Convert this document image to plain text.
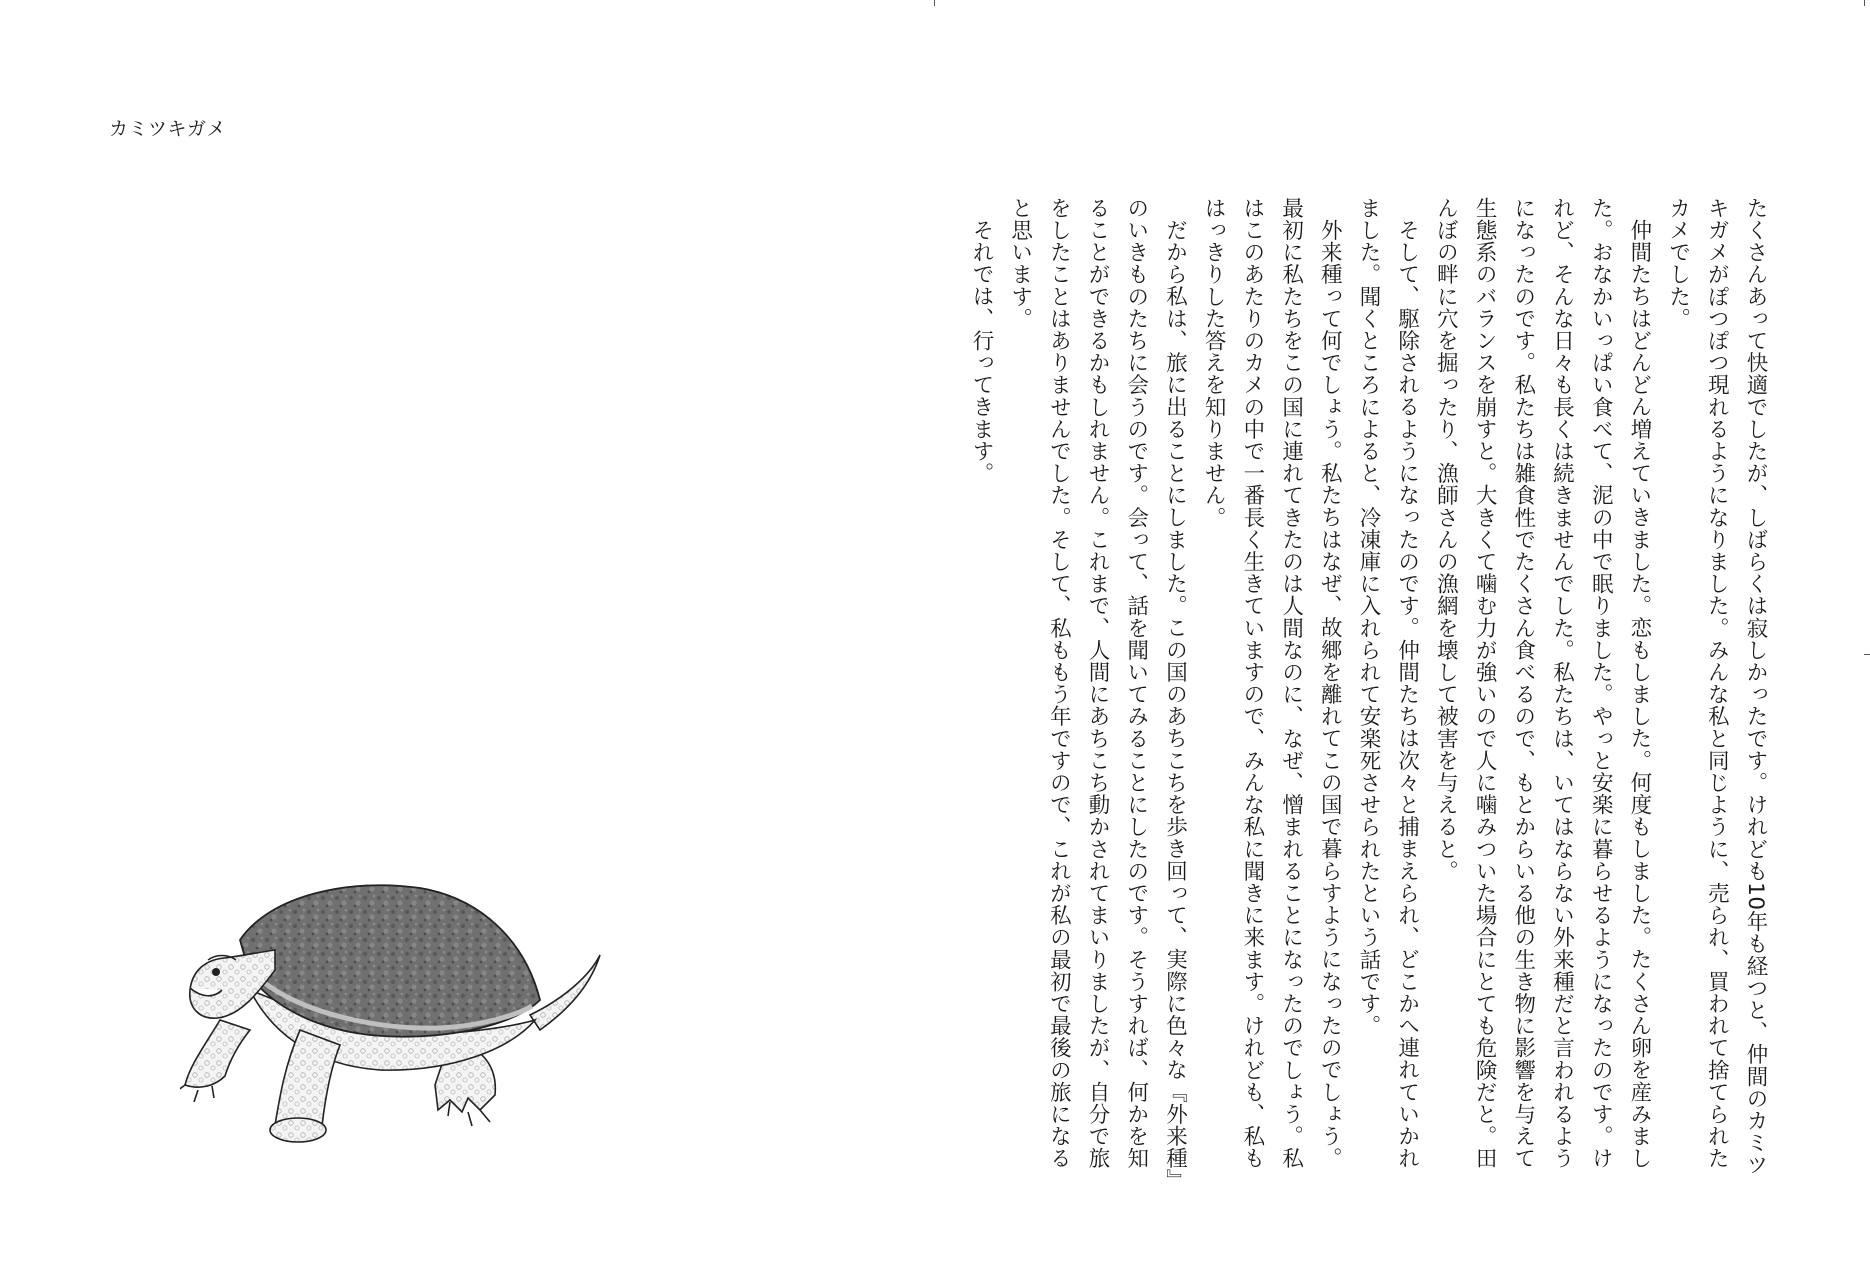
カミツキガメ

たくさんあって快適でしたが、しばらくは寂しかったです。けれども10年も経つと、仲間のカミツキガメがぽつぽつ現れるようになりました。みんな私と同じように、売られ、買われて捨てられたカメでした。

仲間たちはどんどん増えていきました。恋もしました。何度もしました。たくさん卵を産みました。おなかいっぱい食べて、泥の中で眠りました。やっと安楽に暮らせるようになったのです。けれど、そんな日々も長くは続きませんでした。私たちは、いてはならない外来種だと言われるようになったのです。私たちは雑食性でたくさん食べるので、もとからいる他の生き物に影響を与えて生態系のバランスを崩すと。大きくて噛む力が強いので人に噛みついた場合にとても危険だと。田んぼの畔に穴を掘ったり、漁師さんの漁網を壊して被害を与えると。

そして、駆除されるようになったのです。仲間たちは次々と捕まえられ、どこかへ連れていかれました。聞くところによると、冷凍庫に入れられて安楽死させられたという話です。

外来種って何でしょう。私たちはなぜ、故郷を離れてこの国で暮らすようになったのでしょう。最初に私たちをこの国に連れてきたのは人間なのに、なぜ、憎まれることになったのでしょう。私はこのあたりのカメの中で一番長く生きていますので、みんな私に聞きに来ます。けれども、私もはっきりした答えを知りません。

だから私は、旅に出ることにしました。この国のあちこちを歩き回って、実際に色々な『外来種』のいきものたちに会うのです。会って、話を聞いてみることにしたのです。そうすれば、何かを知ることができるかもしれません。これまで、人間にあちこち動かされてまいりましたが、自分で旅をしたことはありませんでした。そして、私ももう年ですので、これが私の最初で最後の旅になると思います。

それでは、行ってきます。
